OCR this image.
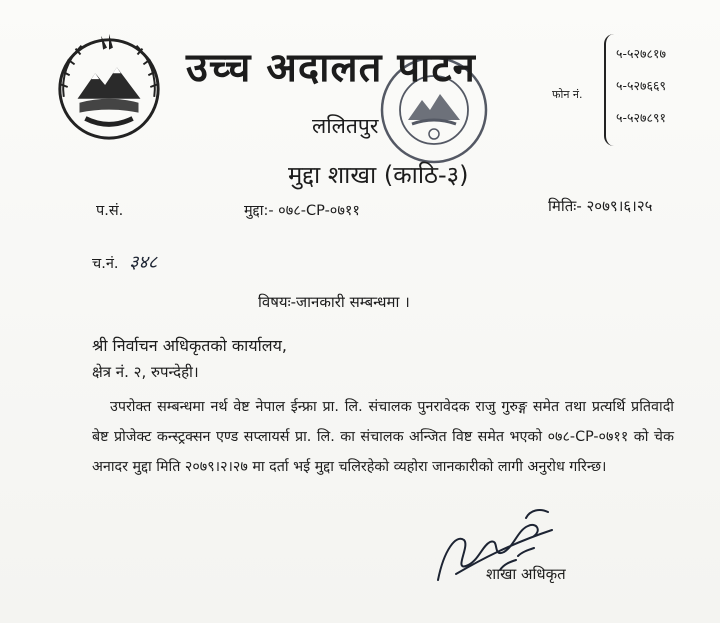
उच्च अदालत पाटन
ललितपुर
मुद्दा शाखा (काठि-३)
फोन नं.
५-५२७८१७
५-५२७६६९
५-५२७८९१
प.सं.	मुद्दा:- ०७८-CP-०७११	मितिः- २०७९।६।२५
च.नं. ३४८
विषयः-जानकारी सम्बन्धमा ।
श्री निर्वाचन अधिकृतको कार्यालय,
क्षेत्र नं. २, रुपन्देही।
उपरोक्त सम्बन्धमा नर्थ वेष्ट नेपाल ईन्फ्रा प्रा. लि. संचालक पुनरावेदक राजु गुरुङ्ग समेत तथा प्रत्यर्थि प्रतिवादी बेष्ट प्रोजेक्ट कन्स्ट्रक्सन एण्ड सप्लायर्स प्रा. लि. का संचालक अन्जित विष्ट समेत भएको ०७८-CP-०७११ को चेक अनादर मुद्दा मिति २०७९।२।२७ मा दर्ता भई मुद्दा चलिरहेको व्यहोरा जानकारीको लागी अनुरोध गरिन्छ।
शाखा अधिकृत
